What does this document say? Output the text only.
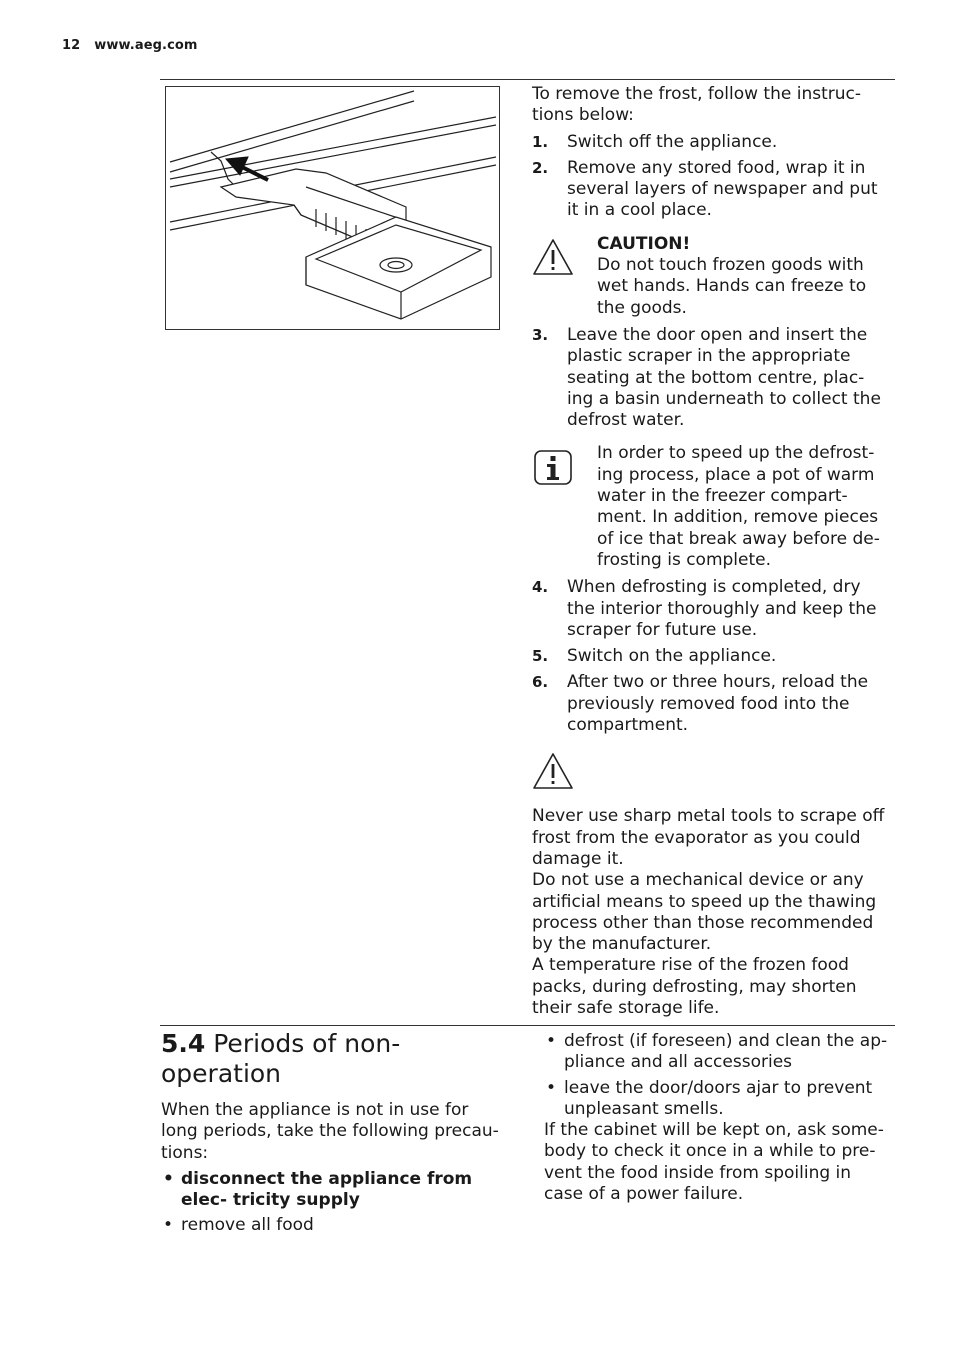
12 www.aeg.com

To remove the frost, follow the instruc- tions below:

1. Switch off the appliance.
2. Remove any stored food, wrap it in several layers of newspaper and put it in a cool place.
CAUTION!
Do not touch frozen goods with wet hands. Hands can freeze to the goods.
3. Leave the door open and insert the plastic scraper in the appropriate seating at the bottom centre, plac- ing a basin underneath to collect the defrost water.
In order to speed up the defrost- ing process, place a pot of warm water in the freezer compart- ment. In addition, remove pieces of ice that break away before de- frosting is complete.
4. When defrosting is completed, dry the interior thoroughly and keep the scraper for future use.
5. Switch on the appliance.
6. After two or three hours, reload the previously removed food into the compartment.

Never use sharp metal tools to scrape off frost from the evaporator as you could damage it.

Do not use a mechanical device or any artificial means to speed up the thawing process other than those recommended by the manufacturer.

A temperature rise of the frozen food packs, during defrosting, may shorten their safe storage life.

5.4 Periods of non-operation

When the appliance is not in use for long periods, take the following precau- tions:

• disconnect the appliance from elec- tricity supply
• remove all food
• defrost (if foreseen) and clean the ap- pliance and all accessories
• leave the door/doors ajar to prevent unpleasant smells.

If the cabinet will be kept on, ask some- body to check it once in a while to pre- vent the food inside from spoiling in case of a power failure.
